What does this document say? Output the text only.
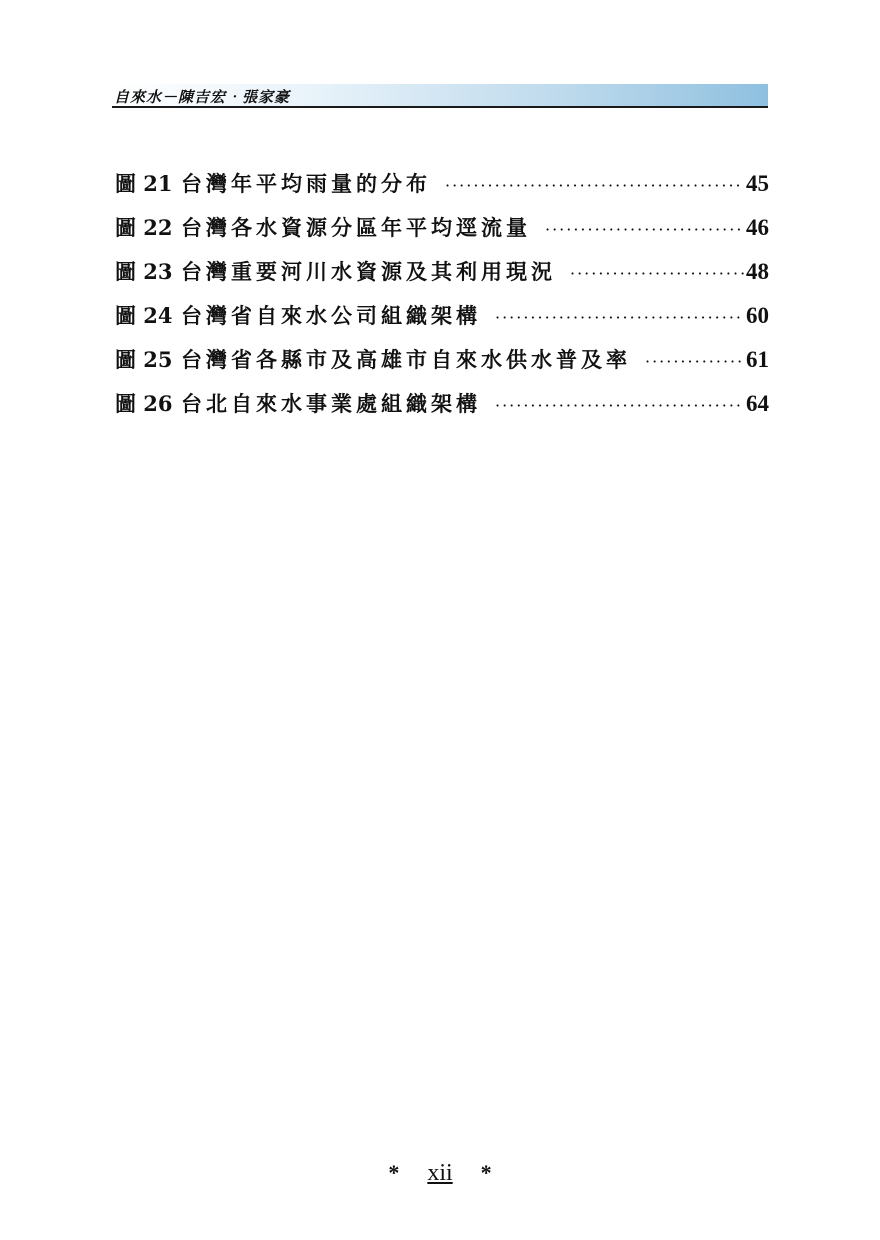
自來水－陳吉宏‧張家豪
圖 21 台灣年平均雨量的分布 ·····	45
圖 22 台灣各水資源分區年平均逕流量 ·····	46
圖 23 台灣重要河川水資源及其利用現況 ·····	48
圖 24 台灣省自來水公司組織架構 ·····	60
圖 25 台灣省各縣市及高雄市自來水供水普及率 ·····	61
圖 26 台北自來水事業處組織架構 ·····	64
* xii *
